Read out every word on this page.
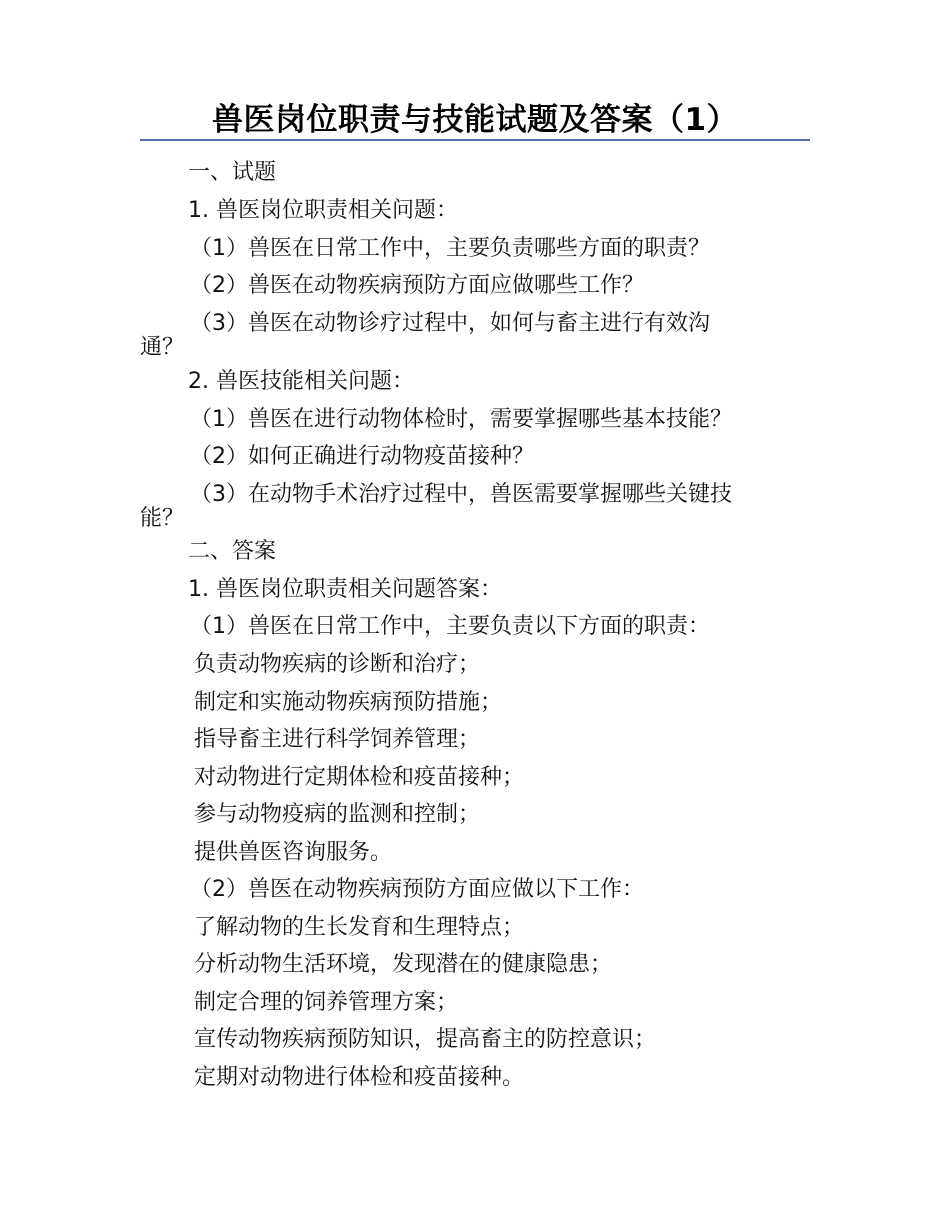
兽医岗位职责与技能试题及答案（1）
一、试题
1. 兽医岗位职责相关问题：
（1）兽医在日常工作中，主要负责哪些方面的职责？
（2）兽医在动物疾病预防方面应做哪些工作？
（3）兽医在动物诊疗过程中，如何与畜主进行有效沟
通？
2. 兽医技能相关问题：
（1）兽医在进行动物体检时，需要掌握哪些基本技能？
（2）如何正确进行动物疫苗接种？
（3）在动物手术治疗过程中，兽医需要掌握哪些关键技
能？
二、答案
1. 兽医岗位职责相关问题答案：
（1）兽医在日常工作中，主要负责以下方面的职责：
负责动物疾病的诊断和治疗；
制定和实施动物疾病预防措施；
指导畜主进行科学饲养管理；
对动物进行定期体检和疫苗接种；
参与动物疫病的监测和控制；
提供兽医咨询服务。
（2）兽医在动物疾病预防方面应做以下工作：
了解动物的生长发育和生理特点；
分析动物生活环境，发现潜在的健康隐患；
制定合理的饲养管理方案；
宣传动物疾病预防知识，提高畜主的防控意识；
定期对动物进行体检和疫苗接种。
